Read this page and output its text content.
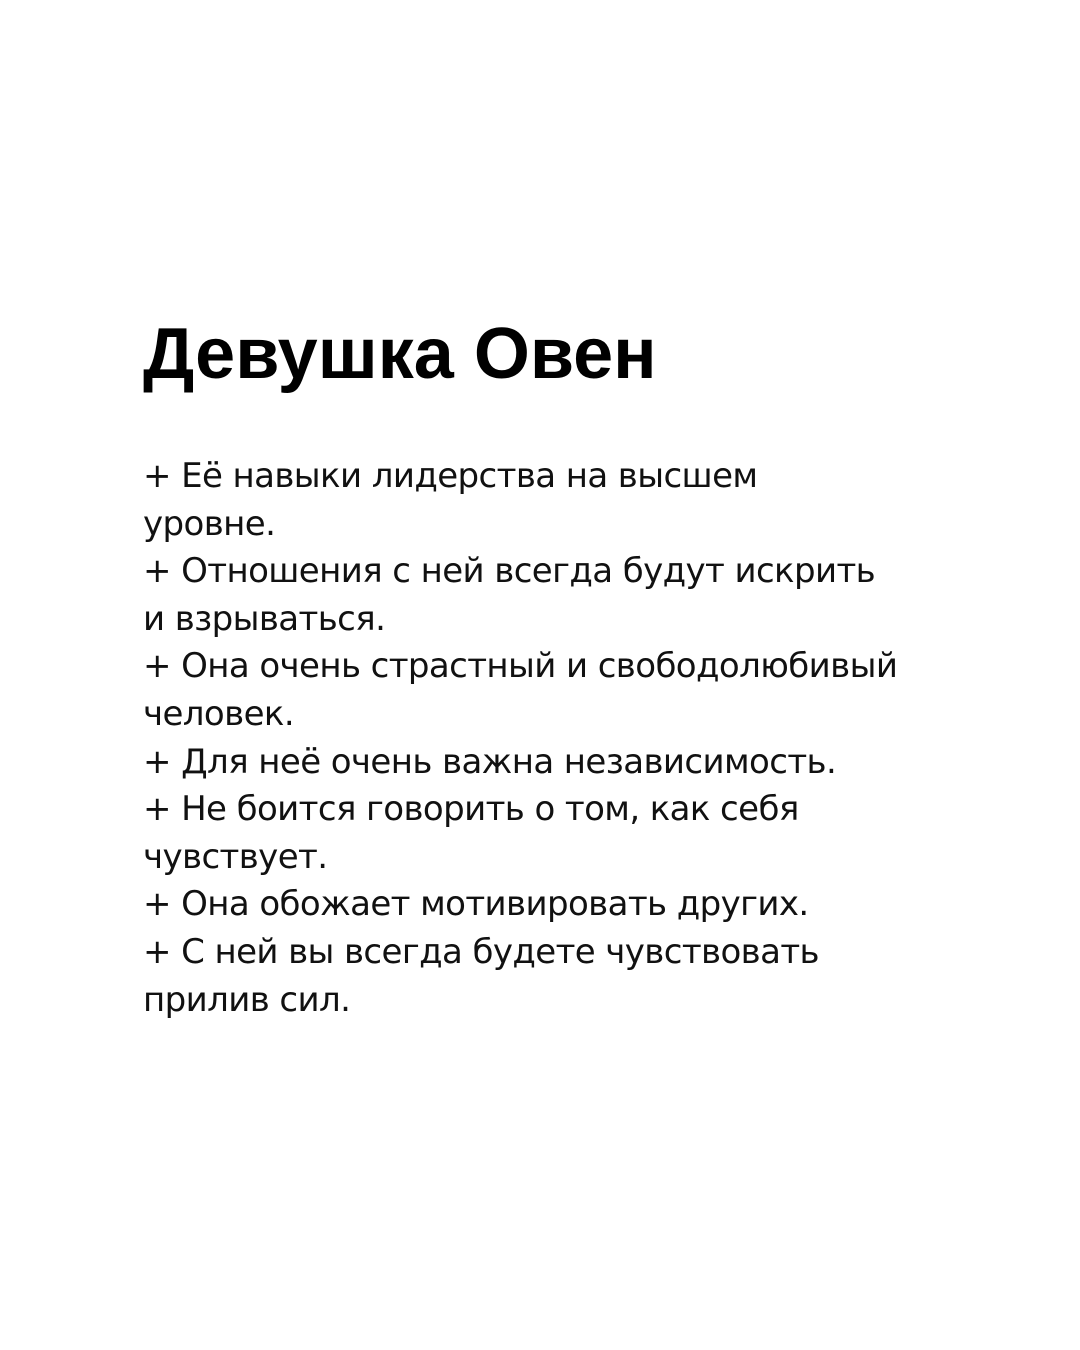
Девушка Овен
+ Её навыки лидерства на высшем
уровне.
+ Отношения с ней всегда будут искрить
и взрываться.
+ Она очень страстный и свободолюбивый
человек.
+ Для неё очень важна независимость.
+ Не боится говорить о том, как себя
чувствует.
+ Она обожает мотивировать других.
+ С ней вы всегда будете чувствовать
прилив сил.
